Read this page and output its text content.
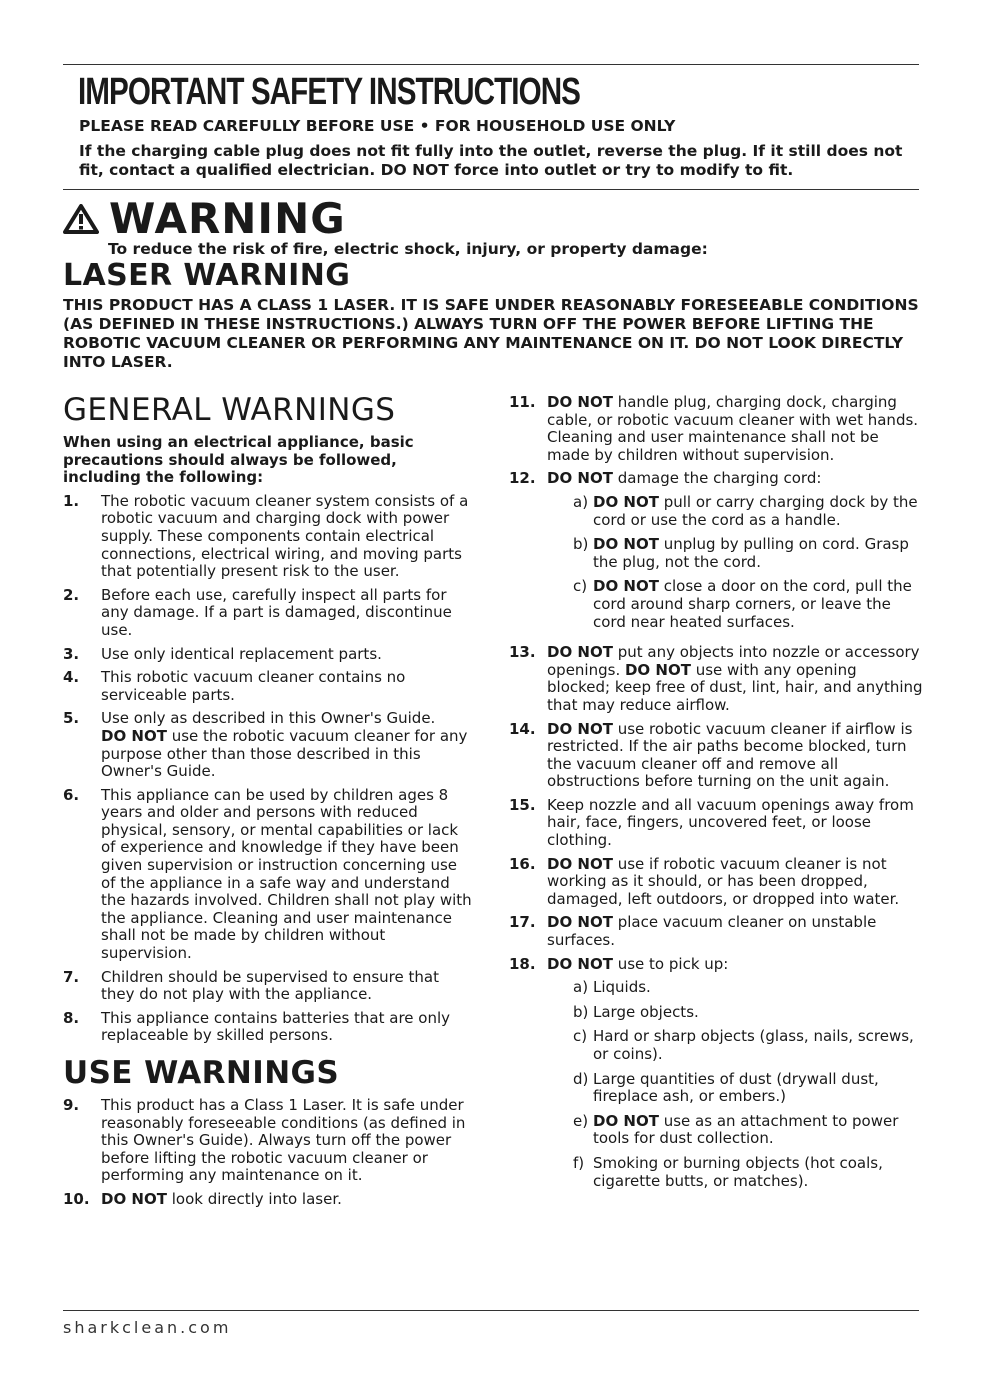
IMPORTANT SAFETY INSTRUCTIONS
PLEASE READ CAREFULLY BEFORE USE • FOR HOUSEHOLD USE ONLY
If the charging cable plug does not fit fully into the outlet, reverse the plug. If it still does not fit, contact a qualified electrician. DO NOT force into outlet or try to modify to fit.
WARNING
To reduce the risk of fire, electric shock, injury, or property damage:
LASER WARNING
THIS PRODUCT HAS A CLASS 1 LASER. IT IS SAFE UNDER REASONABLY FORESEEABLE CONDITIONS (AS DEFINED IN THESE INSTRUCTIONS.) ALWAYS TURN OFF THE POWER BEFORE LIFTING THE ROBOTIC VACUUM CLEANER OR PERFORMING ANY MAINTENANCE ON IT. DO NOT LOOK DIRECTLY INTO LASER.
GENERAL WARNINGS
When using an electrical appliance, basic precautions should always be followed, including the following:
1.	The robotic vacuum cleaner system consists of a robotic vacuum and charging dock with power supply. These components contain electrical connections, electrical wiring, and moving parts that potentially present risk to the user.
2.	Before each use, carefully inspect all parts for any damage. If a part is damaged, discontinue use.
3.	Use only identical replacement parts.
4.	This robotic vacuum cleaner contains no serviceable parts.
5.	Use only as described in this Owner's Guide.
DO NOT use the robotic vacuum cleaner for any purpose other than those described in this Owner's Guide.
6.	This appliance can be used by children ages 8 years and older and persons with reduced physical, sensory, or mental capabilities or lack of experience and knowledge if they have been given supervision or instruction concerning use of the appliance in a safe way and understand the hazards involved. Children shall not play with the appliance. Cleaning and user maintenance shall not be made by children without supervision.
7.	Children should be supervised to ensure that they do not play with the appliance.
8.	This appliance contains batteries that are only replaceable by skilled persons.
USE WARNINGS
9.	This product has a Class 1 Laser. It is safe under reasonably foreseeable conditions (as defined in this Owner's Guide). Always turn off the power before lifting the robotic vacuum cleaner or performing any maintenance on it.
10. DO NOT look directly into laser.
11. DO NOT handle plug, charging dock, charging cable, or robotic vacuum cleaner with wet hands. Cleaning and user maintenance shall not be made by children without supervision.
12. DO NOT damage the charging cord:
a) DO NOT pull or carry charging dock by the cord or use the cord as a handle.
b) DO NOT unplug by pulling on cord. Grasp the plug, not the cord.
c) DO NOT close a door on the cord, pull the cord around sharp corners, or leave the cord near heated surfaces.
13. DO NOT put any objects into nozzle or accessory openings. DO NOT use with any opening blocked; keep free of dust, lint, hair, and anything that may reduce airflow.
14. DO NOT use robotic vacuum cleaner if airflow is restricted. If the air paths become blocked, turn the vacuum cleaner off and remove all obstructions before turning on the unit again.
15. Keep nozzle and all vacuum openings away from hair, face, fingers, uncovered feet, or loose clothing.
16. DO NOT use if robotic vacuum cleaner is not working as it should, or has been dropped, damaged, left outdoors, or dropped into water.
17. DO NOT place vacuum cleaner on unstable surfaces.
18. DO NOT use to pick up:
a) Liquids.
b) Large objects.
c) Hard or sharp objects (glass, nails, screws, or coins).
d) Large quantities of dust (drywall dust, fireplace ash, or embers.)
e) DO NOT use as an attachment to power tools for dust collection.
f) Smoking or burning objects (hot coals, cigarette butts, or matches).
sharkclean.com
